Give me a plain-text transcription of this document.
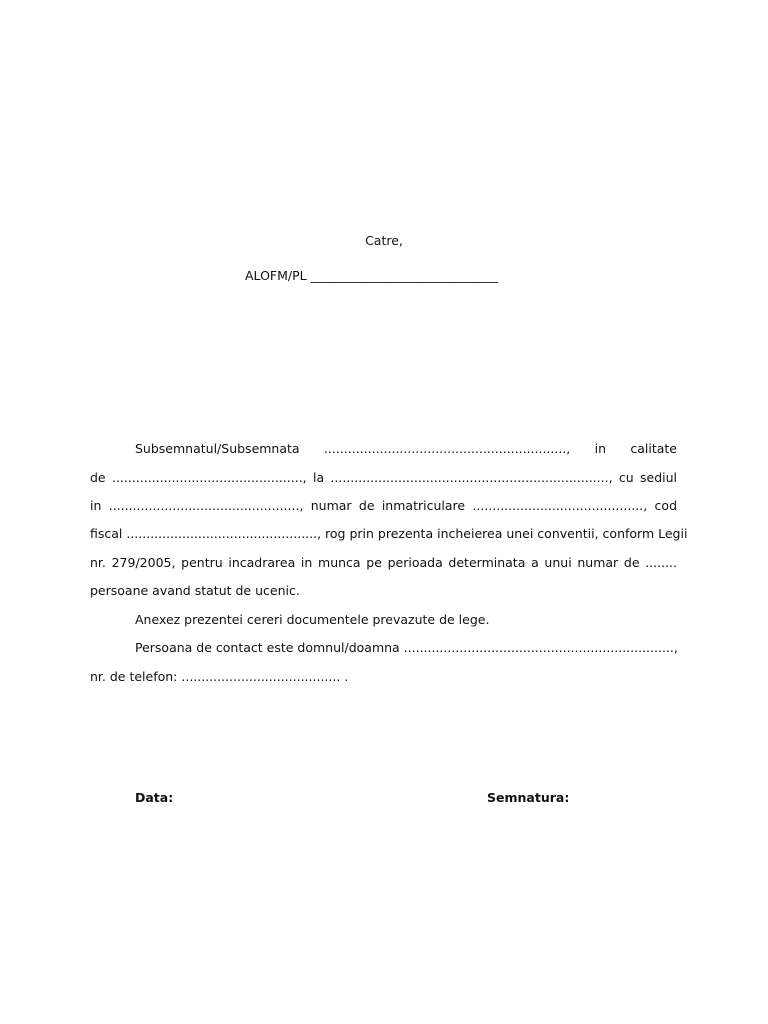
Catre,
ALOFM/PL ______________________________
Subsemnatul/Subsemnata ............................................................., in calitate
de ................................................, la ......................................................................, cu sediul
in ................................................, numar de inmatriculare ..........................................., cod
fiscal ................................................, rog prin prezenta incheierea unei conventii, conform Legii
nr. 279/2005, pentru incadrarea in munca pe perioada determinata a unui numar de ........
persoane avand statut de ucenic.
Anexez prezentei cereri documentele prevazute de lege.
Persoana de contact este domnul/doamna ....................................................................,
nr. de telefon: ........................................ .
Data:	Semnatura:
